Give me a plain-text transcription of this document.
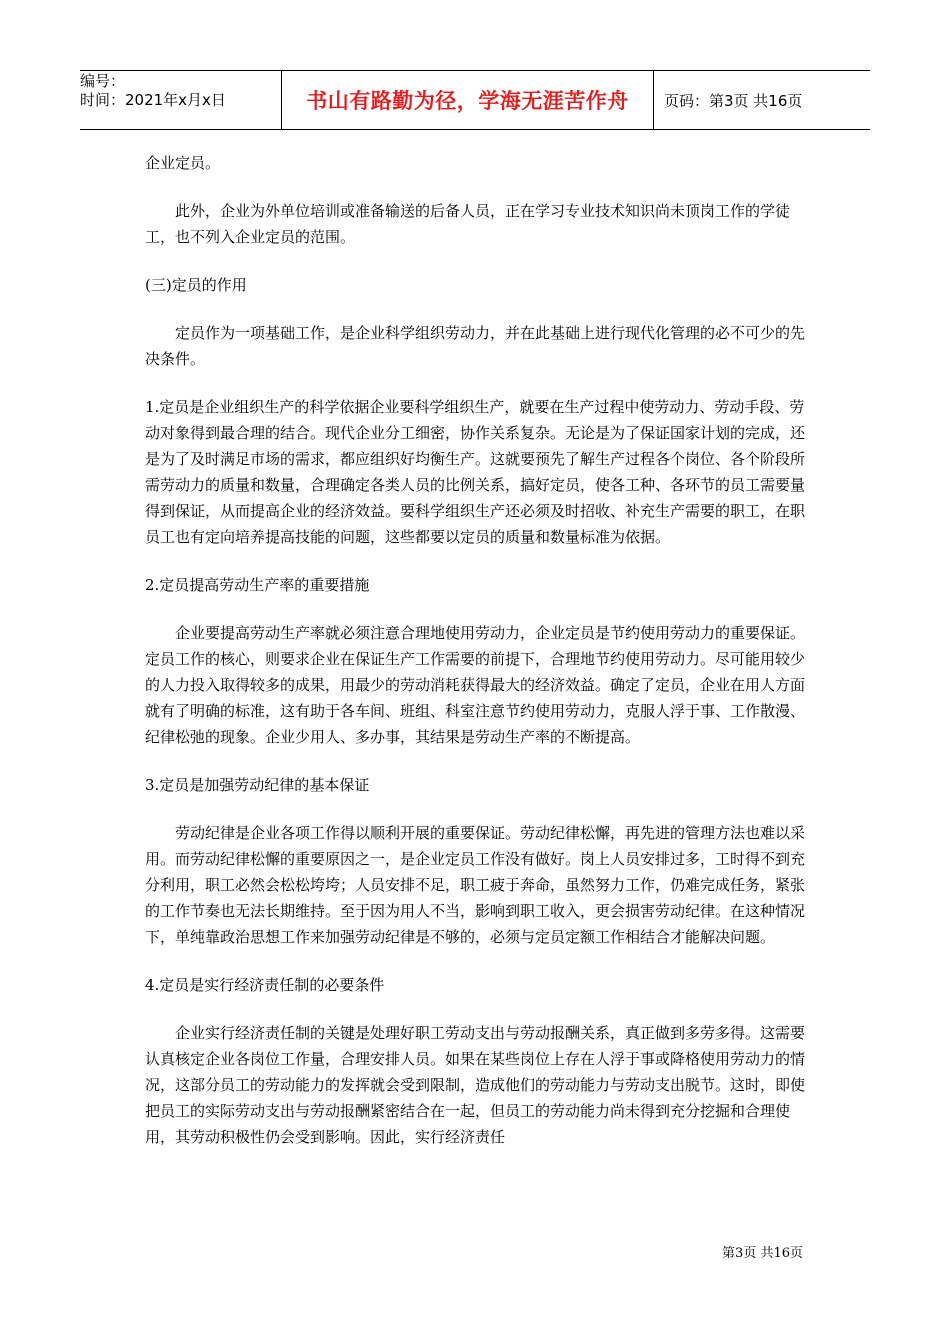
编号：
时间：2021年x月x日	书山有路勤为径，学海无涯苦作舟	页码：第3页 共16页

企业定员。

此外，企业为外单位培训或准备输送的后备人员，正在学习专业技术知识尚未顶岗工作的学徒工，也不列入企业定员的范围。

(三)定员的作用

定员作为一项基础工作，是企业科学组织劳动力，并在此基础上进行现代化管理的必不可少的先决条件。

1.定员是企业组织生产的科学依据企业要科学组织生产，就要在生产过程中使劳动力、劳动手段、劳动对象得到最合理的结合。现代企业分工细密，协作关系复杂。无论是为了保证国家计划的完成，还是为了及时满足市场的需求，都应组织好均衡生产。这就要预先了解生产过程各个岗位、各个阶段所需劳动力的质量和数量，合理确定各类人员的比例关系，搞好定员，使各工种、各环节的员工需要量得到保证，从而提高企业的经济效益。要科学组织生产还必须及时招收、补充生产需要的职工，在职员工也有定向培养提高技能的问题，这些都要以定员的质量和数量标准为依据。

2.定员提高劳动生产率的重要措施

企业要提高劳动生产率就必须注意合理地使用劳动力，企业定员是节约使用劳动力的重要保证。定员工作的核心，则要求企业在保证生产工作需要的前提下，合理地节约使用劳动力。尽可能用较少的人力投入取得较多的成果，用最少的劳动消耗获得最大的经济效益。确定了定员，企业在用人方面就有了明确的标准，这有助于各车间、班组、科室注意节约使用劳动力，克服人浮于事、工作散漫、纪律松弛的现象。企业少用人、多办事，其结果是劳动生产率的不断提高。

3.定员是加强劳动纪律的基本保证

劳动纪律是企业各项工作得以顺利开展的重要保证。劳动纪律松懈，再先进的管理方法也难以采用。而劳动纪律松懈的重要原因之一，是企业定员工作没有做好。岗上人员安排过多，工时得不到充分利用，职工必然会松松垮垮；人员安排不足，职工疲于奔命，虽然努力工作，仍难完成任务，紧张的工作节奏也无法长期维持。至于因为用人不当，影响到职工收入，更会损害劳动纪律。在这种情况下，单纯靠政治思想工作来加强劳动纪律是不够的，必须与定员定额工作相结合才能解决问题。

4.定员是实行经济责任制的必要条件

企业实行经济责任制的关键是处理好职工劳动支出与劳动报酬关系，真正做到多劳多得。这需要认真核定企业各岗位工作量，合理安排人员。如果在某些岗位上存在人浮于事或降格使用劳动力的情况，这部分员工的劳动能力的发挥就会受到限制，造成他们的劳动能力与劳动支出脱节。这时，即使把员工的实际劳动支出与劳动报酬紧密结合在一起，但员工的劳动能力尚未得到充分挖掘和合理使用，其劳动积极性仍会受到影响。因此，实行经济责任

第3页 共16页
